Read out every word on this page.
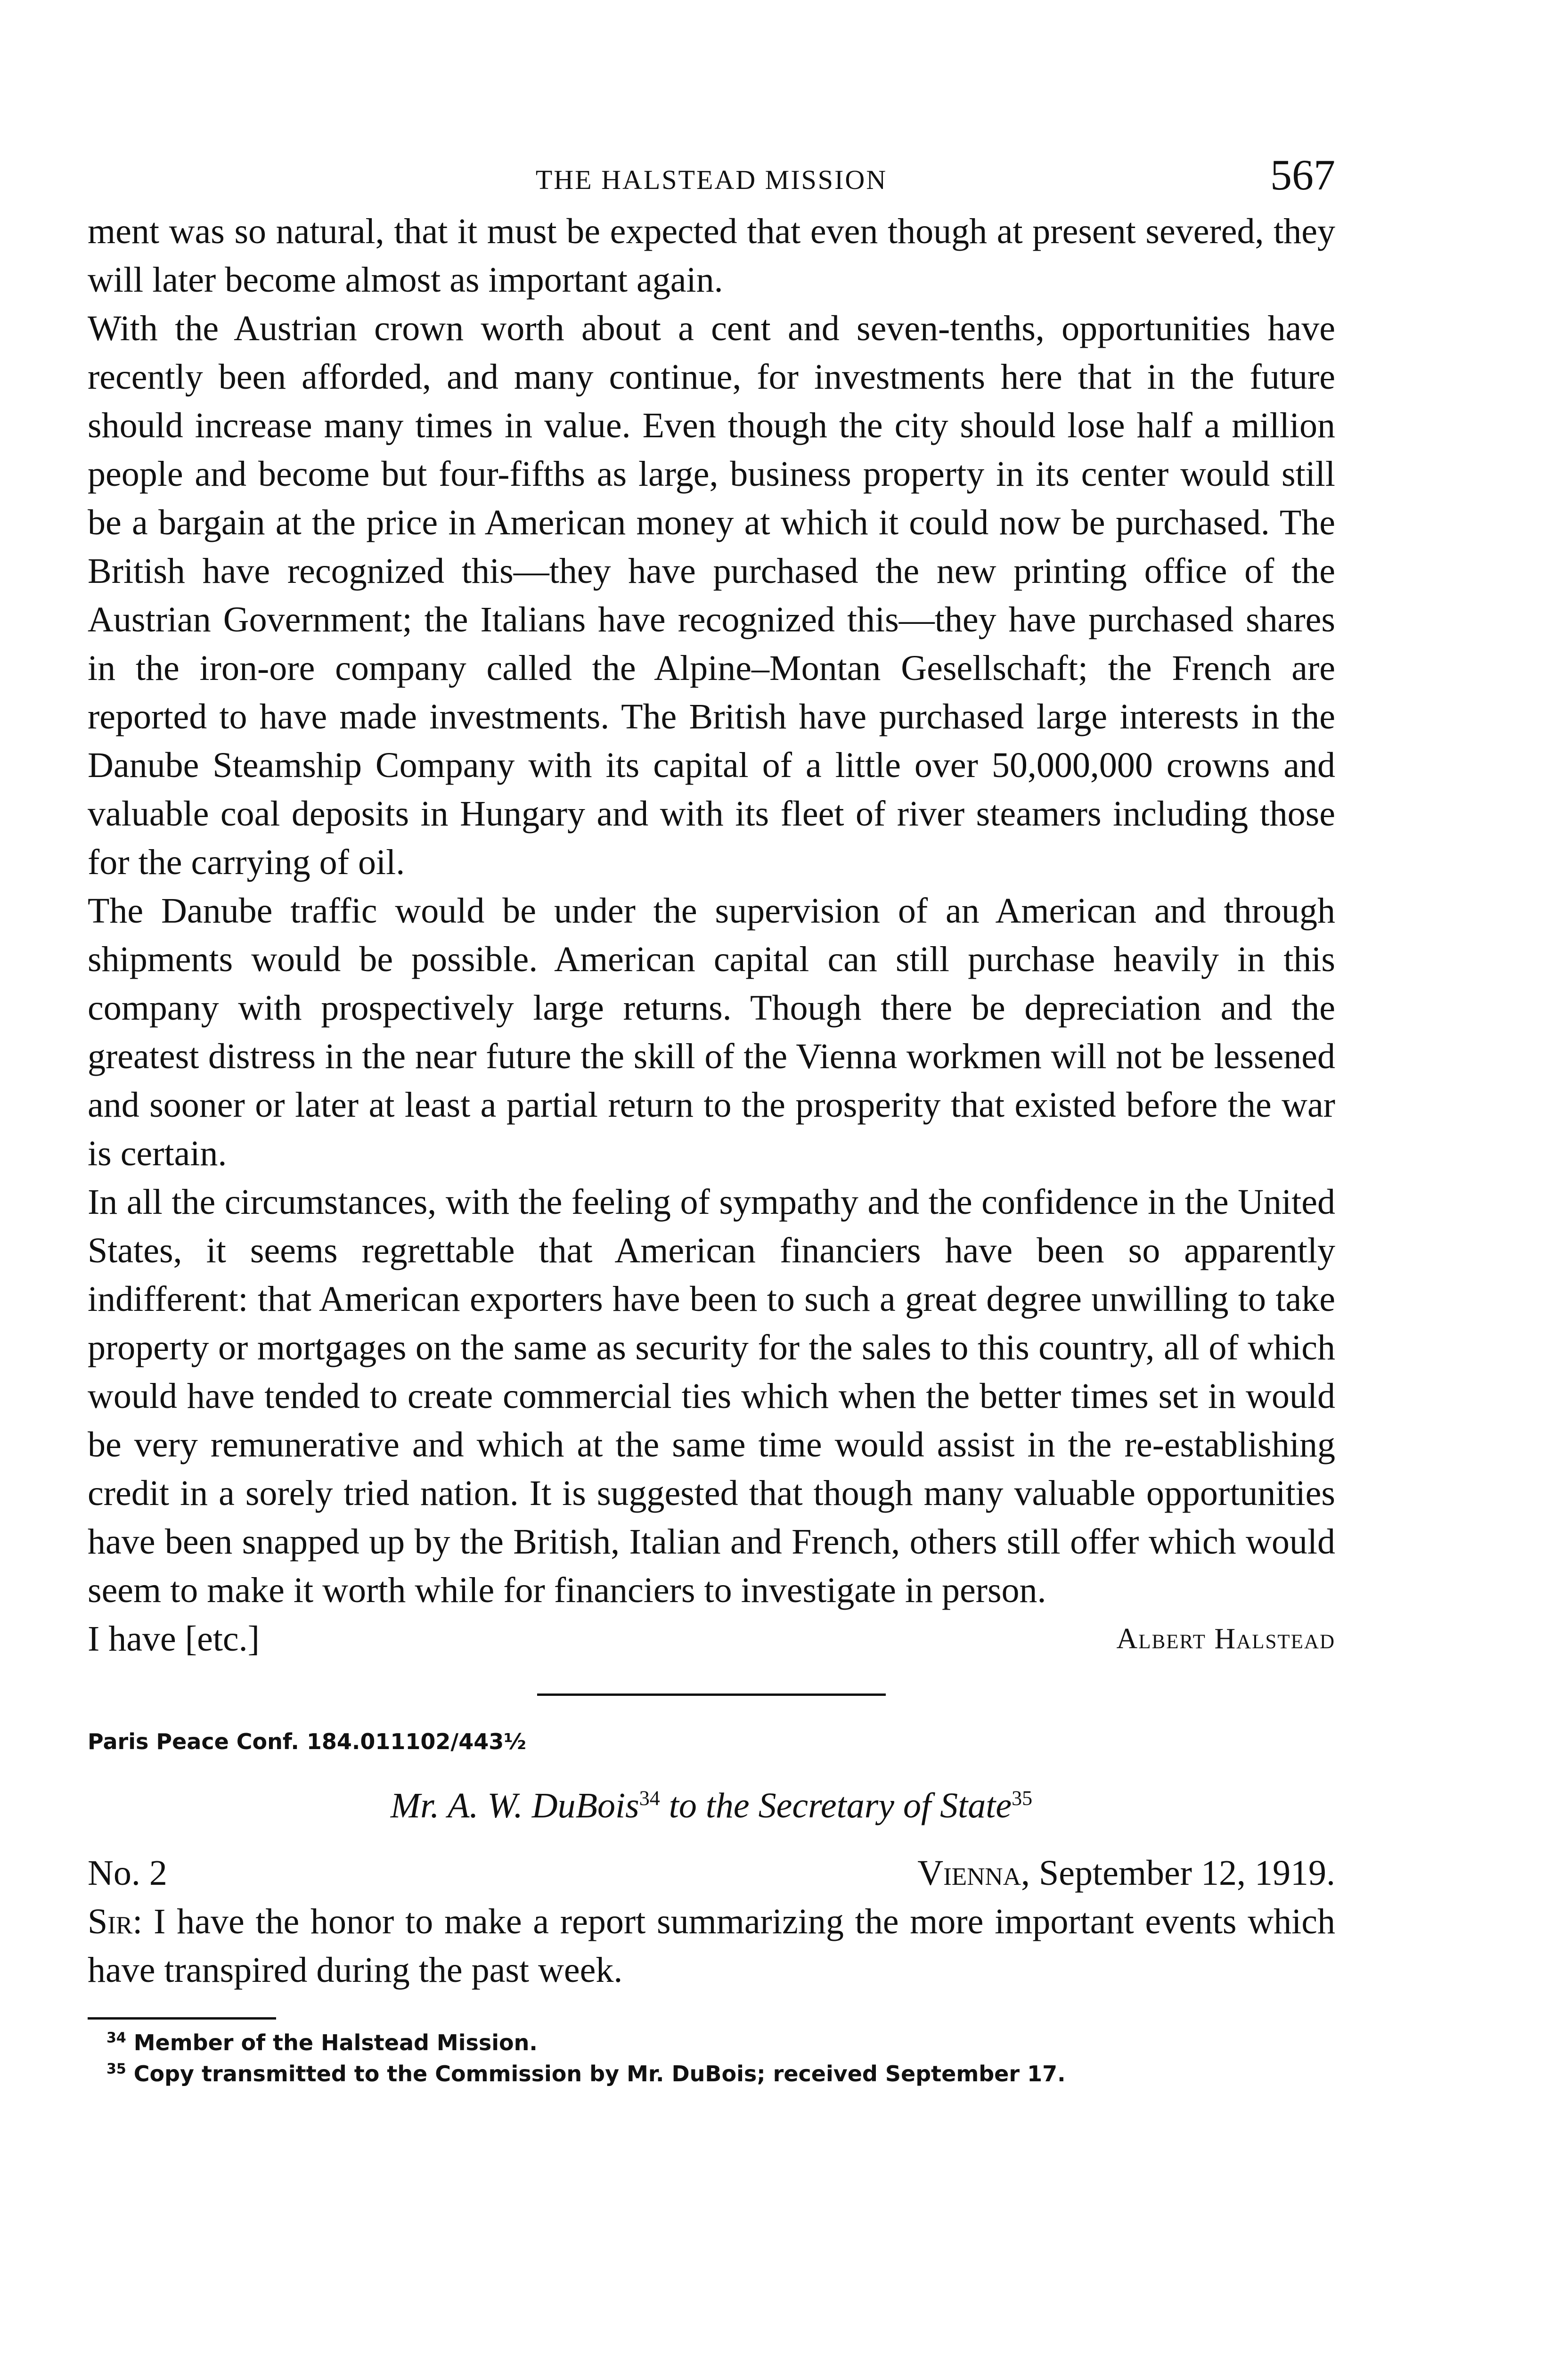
THE HALSTEAD MISSION	567

ment was so natural, that it must be expected that even though at present severed, they will later become almost as important again.

With the Austrian crown worth about a cent and seven-tenths, opportunities have recently been afforded, and many continue, for investments here that in the future should increase many times in value. Even though the city should lose half a million people and become but four-fifths as large, business property in its center would still be a bargain at the price in American money at which it could now be purchased. The British have recognized this—they have purchased the new printing office of the Austrian Government; the Italians have recognized this—they have purchased shares in the iron-ore company called the Alpine–Montan Gesellschaft; the French are reported to have made investments. The British have purchased large interests in the Danube Steamship Company with its capital of a little over 50,000,000 crowns and valuable coal deposits in Hungary and with its fleet of river steamers including those for the carrying of oil.

The Danube traffic would be under the supervision of an American and through shipments would be possible. American capital can still purchase heavily in this company with prospectively large returns. Though there be depreciation and the greatest distress in the near future the skill of the Vienna workmen will not be lessened and sooner or later at least a partial return to the prosperity that existed before the war is certain.

In all the circumstances, with the feeling of sympathy and the confidence in the United States, it seems regrettable that American financiers have been so apparently indifferent: that American exporters have been to such a great degree unwilling to take property or mortgages on the same as security for the sales to this country, all of which would have tended to create commercial ties which when the better times set in would be very remunerative and which at the same time would assist in the re-establishing credit in a sorely tried nation. It is suggested that though many valuable opportunities have been snapped up by the British, Italian and French, others still offer which would seem to make it worth while for financiers to investigate in person.

I have [etc.]	Albert Halstead
Paris Peace Conf. 184.011102/443½
Mr. A. W. DuBois$^{34}$ to the Secretary of State$^{35}$
No. 2	Vienna, September 12, 1919.

Sir: I have the honor to make a report summarizing the more important events which have transpired during the past week.

$^{34}$ Member of the Halstead Mission.

$^{35}$ Copy transmitted to the Commission by Mr. DuBois; received September 17.
